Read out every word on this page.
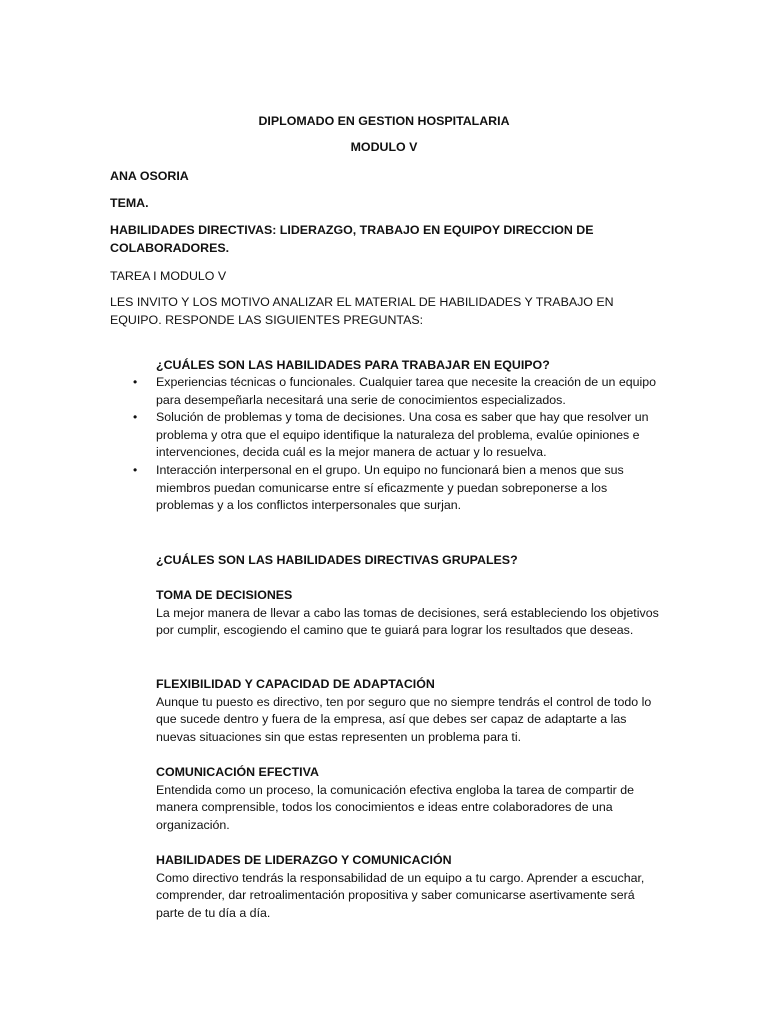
DIPLOMADO EN GESTION HOSPITALARIA

MODULO V

ANA OSORIA

TEMA.

HABILIDADES DIRECTIVAS: LIDERAZGO, TRABAJO EN EQUIPOY DIRECCION DE COLABORADORES.

TAREA I MODULO V

LES INVITO Y LOS MOTIVO ANALIZAR EL MATERIAL DE HABILIDADES Y TRABAJO EN EQUIPO. RESPONDE LAS SIGUIENTES PREGUNTAS:

¿CUÁLES SON LAS HABILIDADES PARA TRABAJAR EN EQUIPO?

• Experiencias técnicas o funcionales. Cualquier tarea que necesite la creación de un equipo para desempeñarla necesitará una serie de conocimientos especializados.
• Solución de problemas y toma de decisiones. Una cosa es saber que hay que resolver un problema y otra que el equipo identifique la naturaleza del problema, evalúe opiniones e intervenciones, decida cuál es la mejor manera de actuar y lo resuelva.
• Interacción interpersonal en el grupo. Un equipo no funcionará bien a menos que sus miembros puedan comunicarse entre sí eficazmente y puedan sobreponerse a los problemas y a los conflictos interpersonales que surjan.

¿CUÁLES SON LAS HABILIDADES DIRECTIVAS GRUPALES?

TOMA DE DECISIONES
La mejor manera de llevar a cabo las tomas de decisiones, será estableciendo los objetivos por cumplir, escogiendo el camino que te guiará para lograr los resultados que deseas.
FLEXIBILIDAD Y CAPACIDAD DE ADAPTACIÓN
Aunque tu puesto es directivo, ten por seguro que no siempre tendrás el control de todo lo que sucede dentro y fuera de la empresa, así que debes ser capaz de adaptarte a las nuevas situaciones sin que estas representen un problema para ti.
COMUNICACIÓN EFECTIVA
Entendida como un proceso, la comunicación efectiva engloba la tarea de compartir de manera comprensible, todos los conocimientos e ideas entre colaboradores de una organización.
HABILIDADES DE LIDERAZGO Y COMUNICACIÓN
Como directivo tendrás la responsabilidad de un equipo a tu cargo. Aprender a escuchar, comprender, dar retroalimentación propositiva y saber comunicarse asertivamente será parte de tu día a día.
